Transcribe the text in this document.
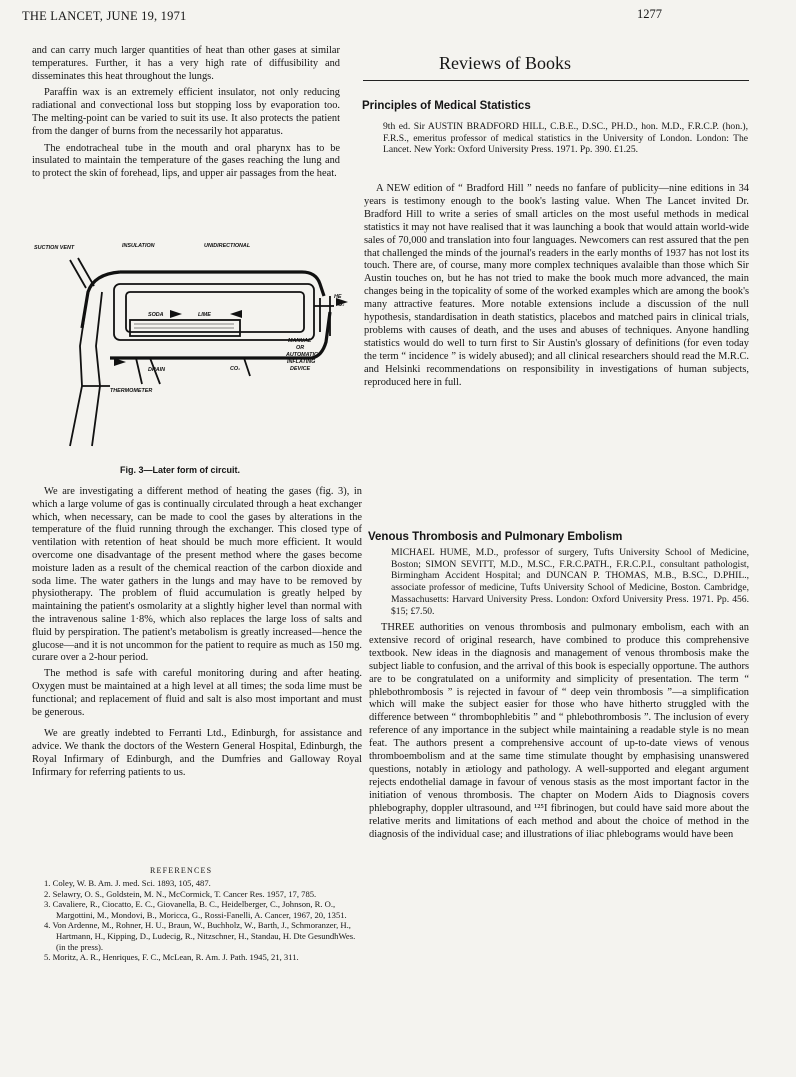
THE LANCET, JUNE 19, 1971	1277

and can carry much larger quantities of heat than other gases at similar temperatures. Further, it has a very high rate of diffusibility and disseminates this heat throughout the lungs.

Paraffin wax is an extremely efficient insulator, not only reducing radiational and convectional loss but stopping loss by evaporation too. The melting-point can be varied to suit its use. It also protects the patient from the danger of burns from the necessarily hot apparatus.

The endotracheal tube in the mouth and oral pharynx has to be insulated to maintain the temperature of the gases reaching the lung and to protect the skin of forehead, lips, and upper air passages from the heat.

SUCTION VENT	INSULATION	UNIDIRECTIONAL
HE
O₂
SODA	LIME
MANUAL
OR
AUTOMATIC
INFLATING
DEVICE
DRAIN	CO₂
THERMOMETER
Fig. 3—Later form of circuit.

We are investigating a different method of heating the gases (fig. 3), in which a large volume of gas is continually circulated through a heat exchanger which, when necessary, can be made to cool the gases by alterations in the temperature of the fluid running through the exchanger. This closed type of ventilation with retention of heat should be much more efficient. It would overcome one disadvantage of the present method where the gases become moisture laden as a result of the chemical reaction of the carbon dioxide and soda lime. The water gathers in the lungs and may have to be removed by physiotherapy. The problem of fluid accumulation is greatly helped by maintaining the patient's osmolarity at a slightly higher level than normal with the intravenous saline 1·8%, which also replaces the large loss of salts and fluid by perspiration. The patient's metabolism is greatly increased—hence the glucose—and it is not uncommon for the patient to require as much as 150 mg. curare over a 2-hour period.

The method is safe with careful monitoring during and after heating. Oxygen must be maintained at a high level at all times; the soda lime must be functional; and replacement of fluid and salt is also most important and must be generous.

We are greatly indebted to Ferranti Ltd., Edinburgh, for assistance and advice. We thank the doctors of the Western General Hospital, Edinburgh, the Royal Infirmary of Edinburgh, and the Dumfries and Galloway Royal Infirmary for referring patients to us.

REFERENCES
1. Coley, W. B. Am. J. med. Sci. 1893, 105, 487.
2. Selawry, O. S., Goldstein, M. N., McCormick, T. Cancer Res. 1957, 17, 785.
3. Cavaliere, R., Ciocatto, E. C., Giovanella, B. C., Heidelberger, C., Johnson, R. O., Margottini, M., Mondovi, B., Moricca, G., Rossi-Fanelli, A. Cancer, 1967, 20, 1351.
4. Von Ardenne, M., Rohner, H. U., Braun, W., Buchholz, W., Barth, J., Schmoranzer, H., Hartmann, H., Kipping, D., Ludecig, R., Nitzschner, H., Standau, H. Dte GesundhWes. (in the press).
5. Moritz, A. R., Henriques, F. C., McLean, R. Am. J. Path. 1945, 21, 311.
Reviews of Books
Principles of Medical Statistics
9th ed. Sir AUSTIN BRADFORD HILL, C.B.E., D.SC., PH.D., hon. M.D., F.R.C.P. (hon.), F.R.S., emeritus professor of medical statistics in the University of London. London: The Lancet. New York: Oxford University Press. 1971. Pp. 390. £1.25.

A NEW edition of “ Bradford Hill ” needs no fanfare of publicity—nine editions in 34 years is testimony enough to the book's lasting value. When The Lancet invited Dr. Bradford Hill to write a series of small articles on the most useful methods in medical statistics it may not have realised that it was launching a book that would attain world-wide sales of 70,000 and translation into four languages. Newcomers can rest assured that the pen that challenged the minds of the journal's readers in the early months of 1937 has not lost its touch. There are, of course, many more complex techniques avalaible than those which Sir Austin touches on, but he has not tried to make the book much more advanced, the main changes being in the topicality of some of the worked examples which are among the book's many attractive features. More notable extensions include a discussion of the null hypothesis, standardisation in death statistics, placebos and matched pairs in clinical trials, problems with causes of death, and the uses and abuses of techniques. Anyone handling statistics would do well to turn first to Sir Austin's glossary of definitions (for even today the term “ incidence ” is widely abused); and all clinical researchers should read the M.R.C. and Helsinki recommendations on responsibility in investigations of human subjects, reproduced here in full.

Venous Thrombosis and Pulmonary Embolism
MICHAEL HUME, M.D., professor of surgery, Tufts University School of Medicine, Boston; SIMON SEVITT, M.D., M.SC., F.R.C.PATH., F.R.C.P.I., consultant pathologist, Birmingham Accident Hospital; and DUNCAN P. THOMAS, M.B., B.SC., D.PHIL., associate professor of medicine, Tufts University School of Medicine, Boston. Cambridge, Massachusetts: Harvard University Press. London: Oxford University Press. 1971. Pp. 456. $15; £7.50.

THREE authorities on venous thrombosis and pulmonary embolism, each with an extensive record of original research, have combined to produce this comprehensive textbook. New ideas in the diagnosis and management of venous thrombosis make the subject liable to confusion, and the arrival of this book is especially opportune. The authors are to be congratulated on a uniformity and simplicity of presentation. The term “ phlebothrombosis ” is rejected in favour of “ deep vein thrombosis ”—a simplification which will make the subject easier for those who have hitherto struggled with the difference between “ thrombophlebitis ” and “ phlebothrombosis ”. The inclusion of every reference of any importance in the subject while maintaining a readable style is no mean feat. The authors present a comprehensive account of up-to-date views of venous thromboembolism and at the same time stimulate thought by emphasising unanswered questions, notably in ætiology and pathology. A well-supported and elegant argument rejects endothelial damage in favour of venous stasis as the most important factor in the initiation of venous thrombosis. The chapter on Modern Aids to Diagnosis covers phlebography, doppler ultrasound, and ¹²⁵I fibrinogen, but could have said more about the relative merits and limitations of each method and about the choice of method in the diagnosis of the individual case; and illustrations of iliac phlebograms would have been
